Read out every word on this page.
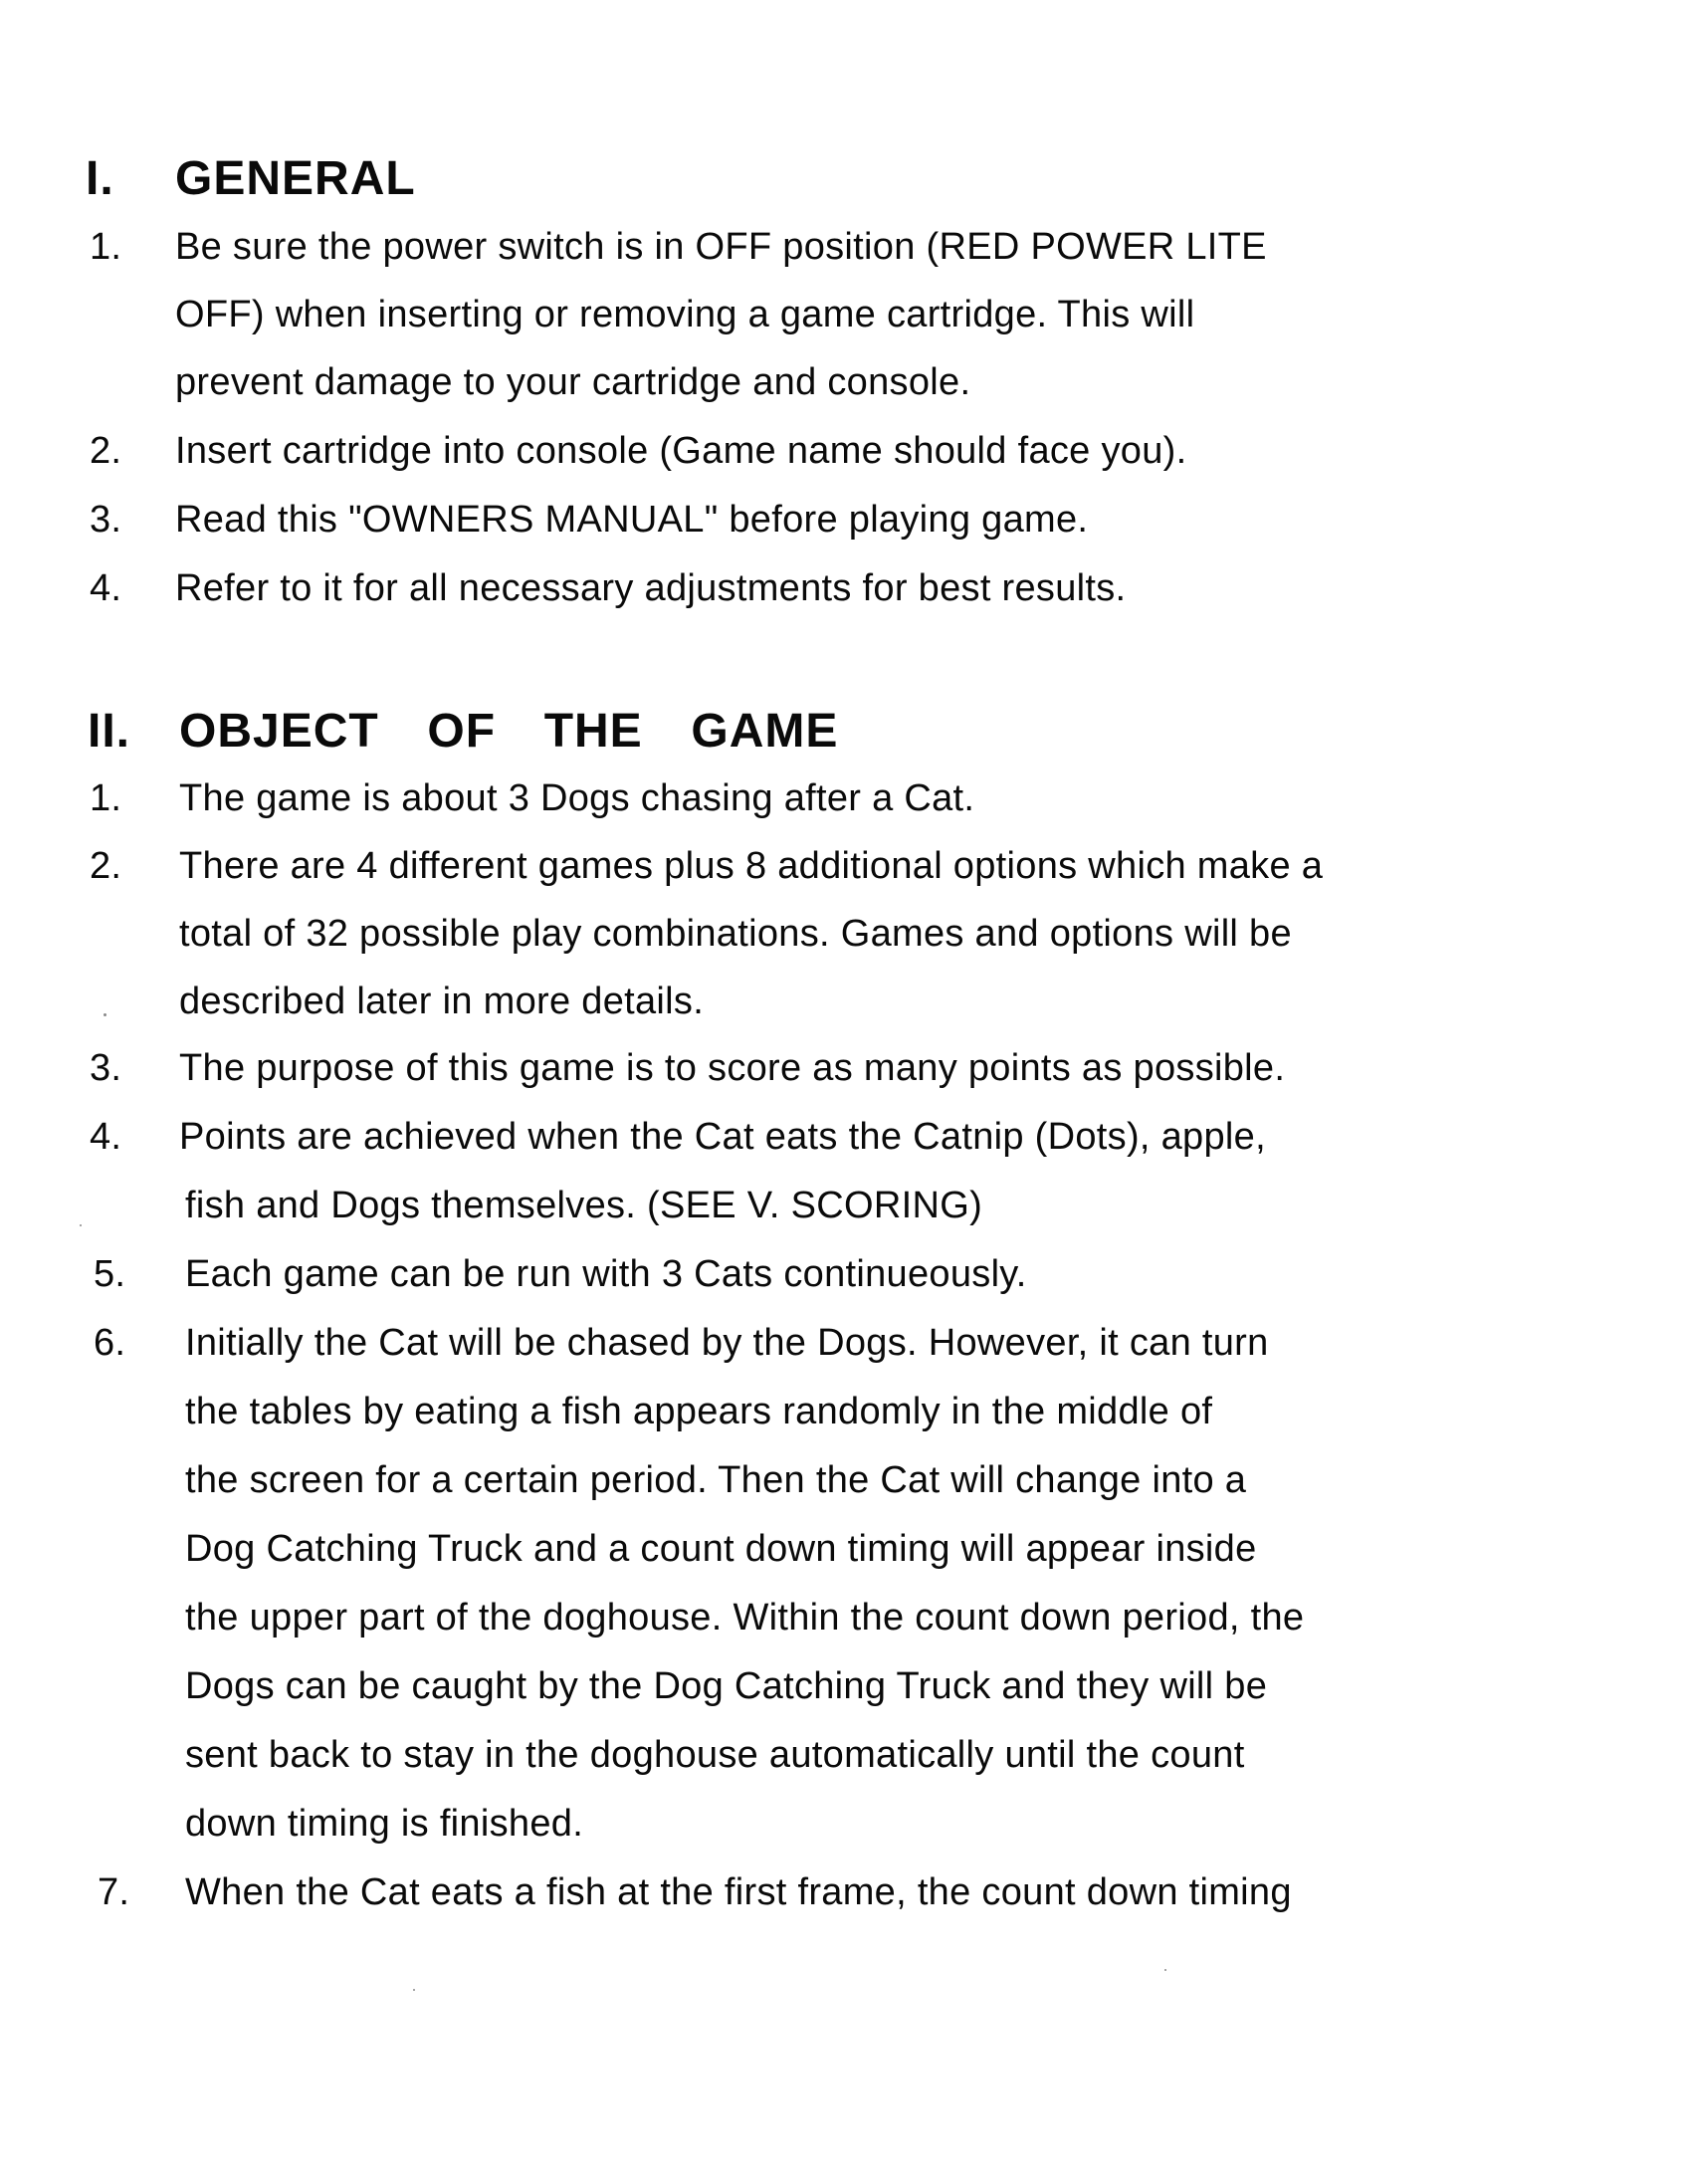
I. GENERAL
1. Be sure the power switch is in OFF position (RED POWER LITE
OFF) when inserting or removing a game cartridge. This will
prevent damage to your cartridge and console.
2. Insert cartridge into console (Game name should face you).
3. Read this "OWNERS MANUAL" before playing game.
4. Refer to it for all necessary adjustments for best results.
II. OBJECT  OF  THE  GAME
1. The game is about 3 Dogs chasing after a Cat.
2. There are 4 different games plus 8 additional options which make a
total of 32 possible play combinations. Games and options will be
described later in more details.
3. The purpose of this game is to score as many points as possible.
4. Points are achieved when the Cat eats the Catnip (Dots), apple,
fish and Dogs themselves. (SEE V. SCORING)
5. Each game can be run with 3 Cats continueously.
6. Initially the Cat will be chased by the Dogs. However, it can turn
the tables by eating a fish appears randomly in the middle of
the screen for a certain period. Then the Cat will change into a
Dog Catching Truck and a count down timing will appear inside
the upper part of the doghouse. Within the count down period, the
Dogs can be caught by the Dog Catching Truck and they will be
sent back to stay in the doghouse automatically until the count
down timing is finished.
7. When the Cat eats a fish at the first frame, the count down timing
